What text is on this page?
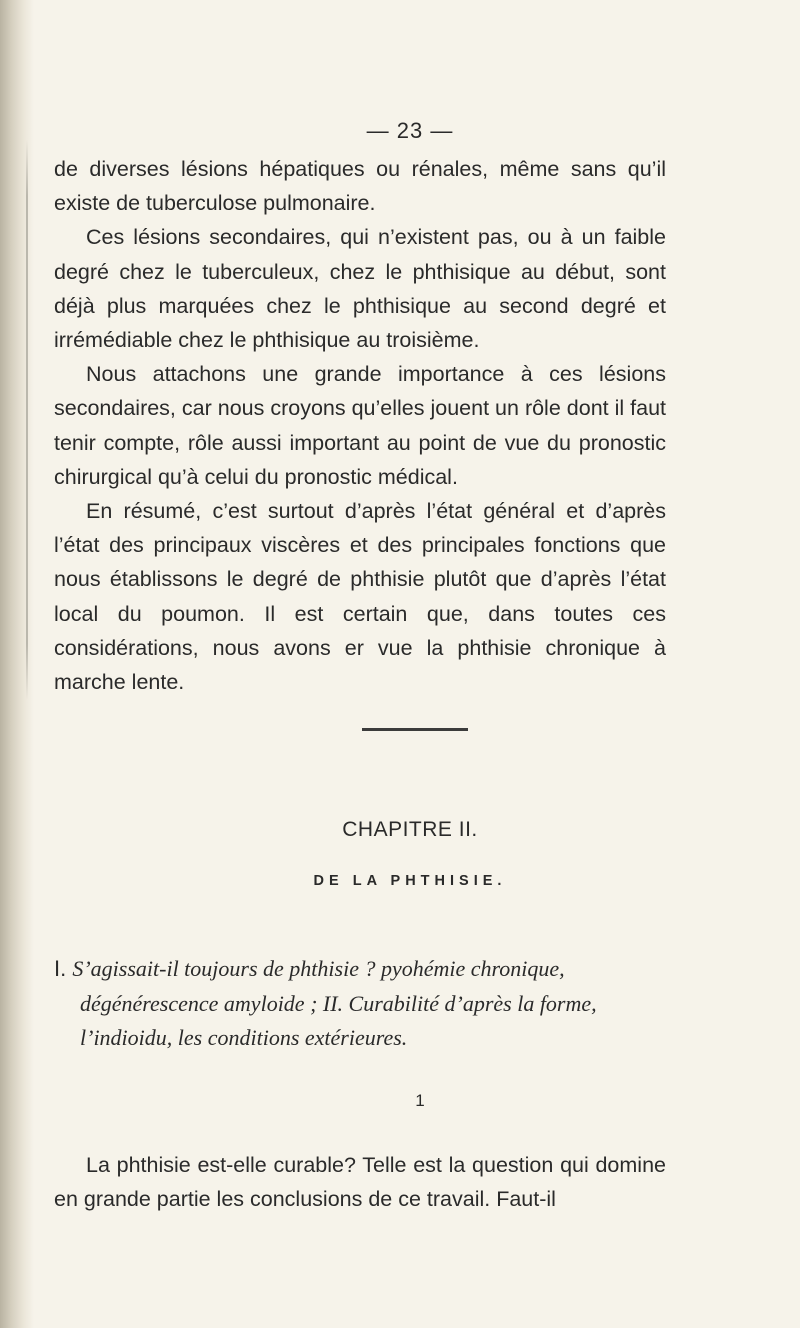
— 23 —

de diverses lésions hépatiques ou rénales, même sans qu’il existe de tuberculose pulmonaire.

Ces lésions secondaires, qui n’existent pas, ou à un faible degré chez le tuberculeux, chez le phthisique au début, sont déjà plus marquées chez le phthisique au second degré et irrémédiable chez le phthisique au troisième.

Nous attachons une grande importance à ces lésions secondaires, car nous croyons qu’elles jouent un rôle dont il faut tenir compte, rôle aussi important au point de vue du pronostic chirurgical qu’à celui du pronostic médical.

En résumé, c’est surtout d’après l’état général et d’après l’état des principaux viscères et des principales fonctions que nous établissons le degré de phthisie plutôt que d’après l’état local du poumon. Il est certain que, dans toutes ces considérations, nous avons er vue la phthisie chronique à marche lente.

CHAPITRE II.
DE LA PHTHISIE.
I. S’agissait-il toujours de phthisie ? pyohémie chronique,
dégénérescence amyloide ; II. Curabilité d’après la forme, l’indioidu, les conditions extérieures.
1

La phthisie est-elle curable? Telle est la question qui domine en grande partie les conclusions de ce travail. Faut-il
